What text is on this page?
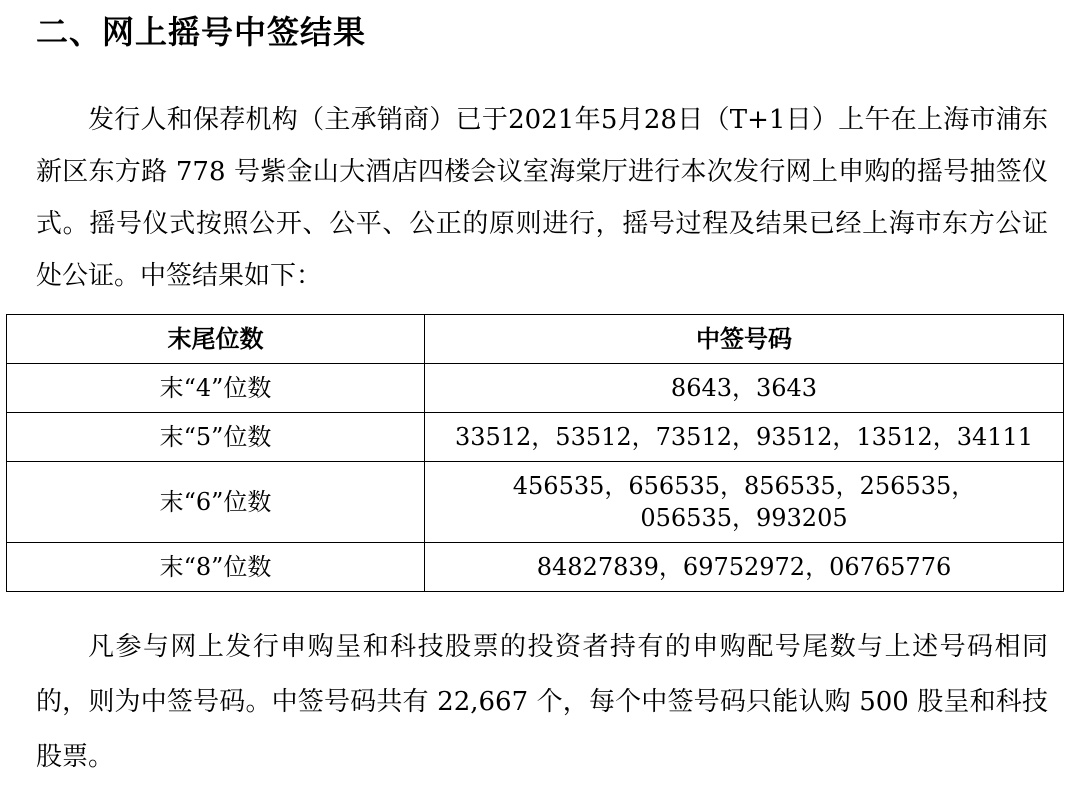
二、网上摇号中签结果

发行人和保荐机构（主承销商）已于2021年5月28日（T+1日）上午在上海市浦东新区东方路 778 号紫金山大酒店四楼会议室海棠厅进行本次发行网上申购的摇号抽签仪式。摇号仪式按照公开、公平、公正的原则进行，摇号过程及结果已经上海市东方公证处公证。中签结果如下：

末尾位数	中签号码
末“4”位数	8643，3643
末“5”位数	33512，53512，73512，93512，13512，34111
末“6”位数	456535，656535，856535，256535，056535，993205
末“8”位数	84827839，69752972，06765776

凡参与网上发行申购呈和科技股票的投资者持有的申购配号尾数与上述号码相同的，则为中签号码。中签号码共有 22,667 个，每个中签号码只能认购 500 股呈和科技股票。
